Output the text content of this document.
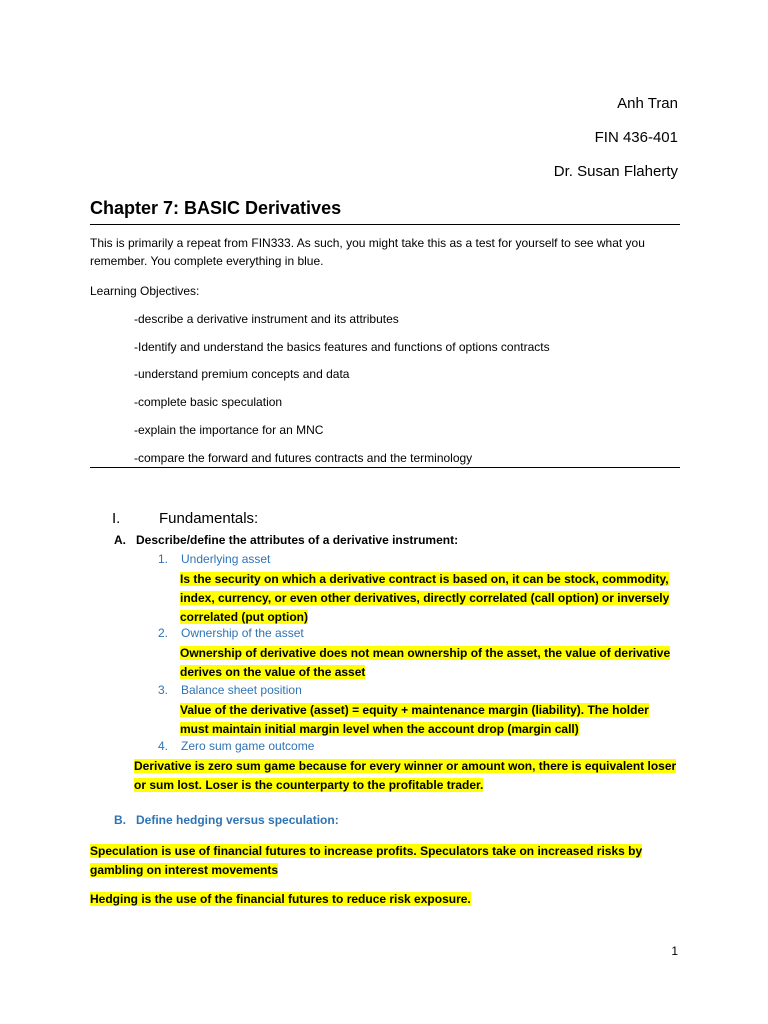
Anh Tran
FIN 436-401
Dr. Susan Flaherty
Chapter 7: BASIC Derivatives
This is primarily a repeat from FIN333. As such, you might take this as a test for yourself to see what you remember. You complete everything in blue.
Learning Objectives:
-describe a derivative instrument and its attributes
-Identify and understand the basics features and functions of options contracts
-understand premium concepts and data
-complete basic speculation
-explain the importance for an MNC
-compare the forward and futures contracts and the terminology
I.	Fundamentals:
A. Describe/define the attributes of a derivative instrument:
1. Underlying asset
Is the security on which a derivative contract is based on, it can be stock, commodity, index, currency, or even other derivatives, directly correlated (call option) or inversely correlated (put option)
2. Ownership of the asset
Ownership of derivative does not mean ownership of the asset, the value of derivative derives on the value of the asset
3. Balance sheet position
Value of the derivative (asset) = equity + maintenance margin (liability). The holder must maintain initial margin level when the account drop (margin call)
4. Zero sum game outcome
Derivative is zero sum game because for every winner or amount won, there is equivalent loser or sum lost. Loser is the counterparty to the profitable trader.
B. Define hedging versus speculation:
Speculation is use of financial futures to increase profits. Speculators take on increased risks by gambling on interest movements
Hedging is the use of the financial futures to reduce risk exposure.
1
